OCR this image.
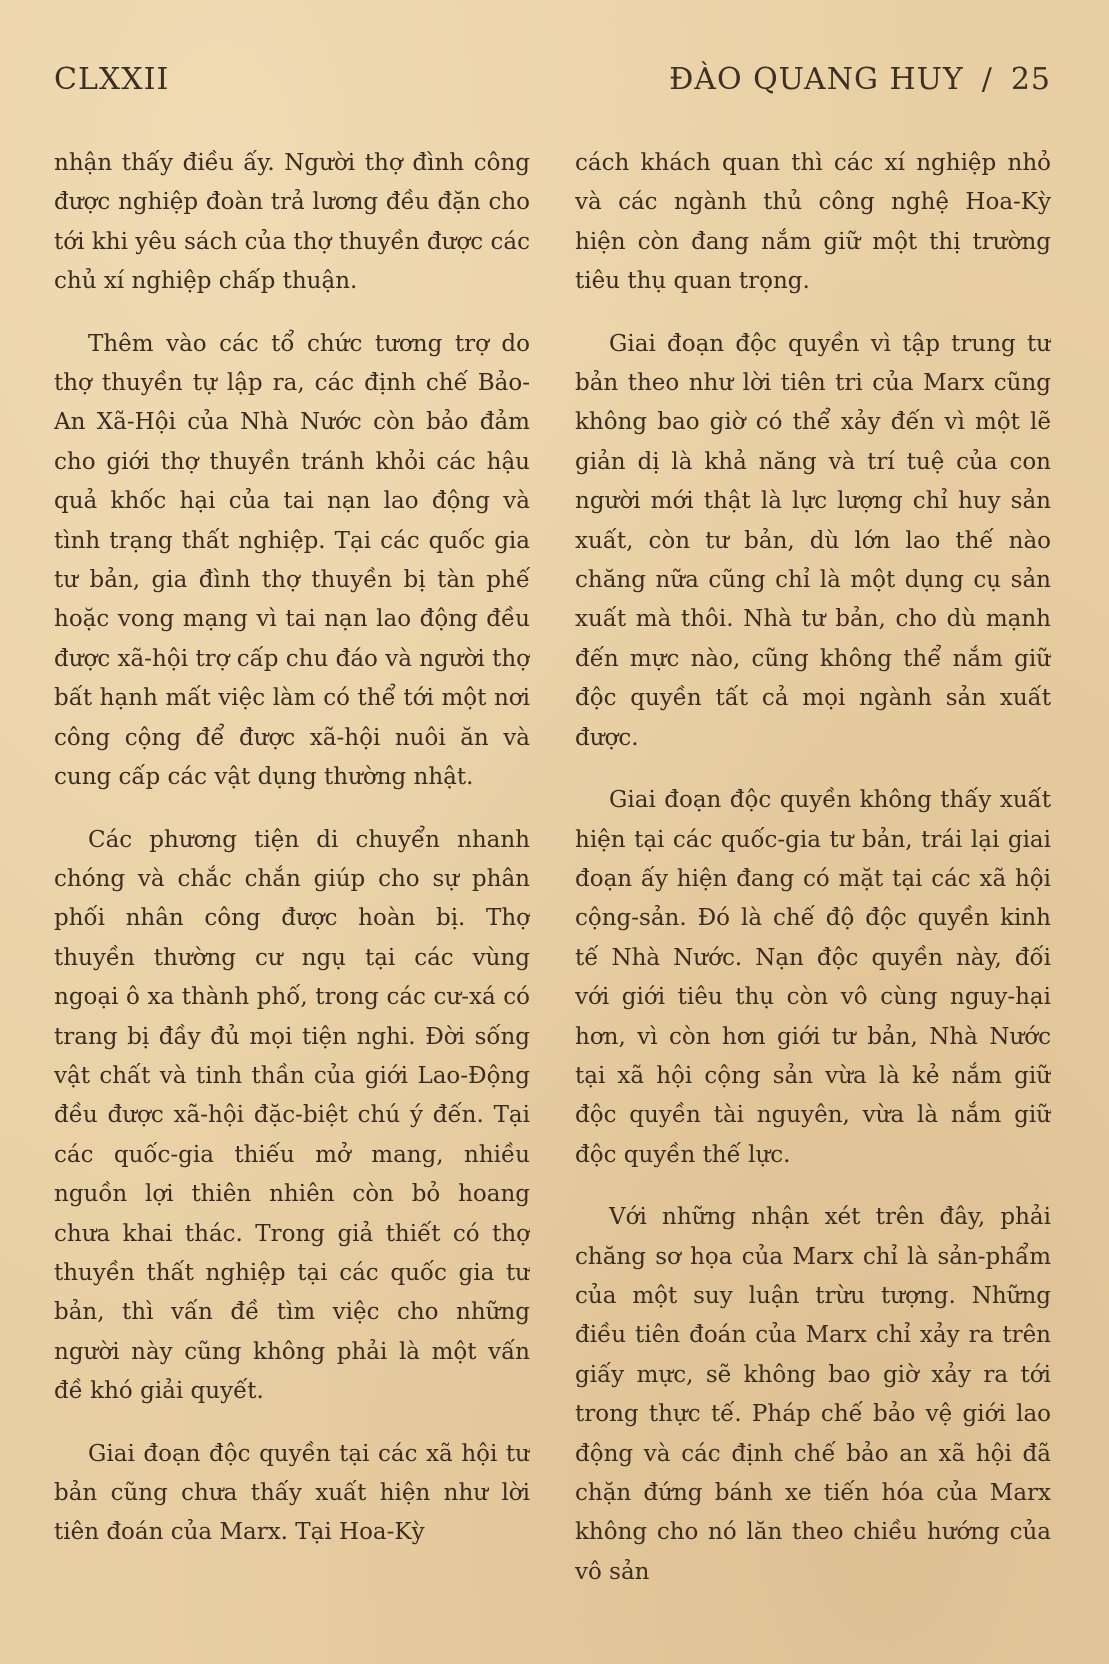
CLXXII	ĐÀO QUANG HUY / 25

nhận thấy điều ấy. Người thợ đình công được nghiệp đoàn trả lương đều đặn cho tới khi yêu sách của thợ thuyền được các chủ xí nghiệp chấp thuận.

Thêm vào các tổ chức tương trợ do thợ thuyền tự lập ra, các định chế Bảo-An Xã-Hội của Nhà Nước còn bảo đảm cho giới thợ thuyền tránh khỏi các hậu quả khốc hại của tai nạn lao động và tình trạng thất nghiệp. Tại các quốc gia tư bản, gia đình thợ thuyền bị tàn phế hoặc vong mạng vì tai nạn lao động đều được xã-hội trợ cấp chu đáo và người thợ bất hạnh mất việc làm có thể tới một nơi công cộng để được xã-hội nuôi ăn và cung cấp các vật dụng thường nhật.

Các phương tiện di chuyển nhanh chóng và chắc chắn giúp cho sự phân phối nhân công được hoàn bị. Thợ thuyền thường cư ngụ tại các vùng ngoại ô xa thành phố, trong các cư-xá có trang bị đầy đủ mọi tiện nghi. Đời sống vật chất và tinh thần của giới Lao-Động đều được xã-hội đặc-biệt chú ý đến. Tại các quốc-gia thiếu mở mang, nhiều nguồn lợi thiên nhiên còn bỏ hoang chưa khai thác. Trong giả thiết có thợ thuyền thất nghiệp tại các quốc gia tư bản, thì vấn đề tìm việc cho những người này cũng không phải là một vấn đề khó giải quyết.

Giai đoạn độc quyền tại các xã hội tư bản cũng chưa thấy xuất hiện như lời tiên đoán của Marx. Tại Hoa-Kỳ

cách khách quan thì các xí nghiệp nhỏ và các ngành thủ công nghệ Hoa-Kỳ hiện còn đang nắm giữ một thị trường tiêu thụ quan trọng.

Giai đoạn độc quyền vì tập trung tư bản theo như lời tiên tri của Marx cũng không bao giờ có thể xảy đến vì một lẽ giản dị là khả năng và trí tuệ của con người mới thật là lực lượng chỉ huy sản xuất, còn tư bản, dù lớn lao thế nào chăng nữa cũng chỉ là một dụng cụ sản xuất mà thôi. Nhà tư bản, cho dù mạnh đến mực nào, cũng không thể nắm giữ độc quyền tất cả mọi ngành sản xuất được.

Giai đoạn độc quyền không thấy xuất hiện tại các quốc-gia tư bản, trái lại giai đoạn ấy hiện đang có mặt tại các xã hội cộng-sản. Đó là chế độ độc quyền kinh tế Nhà Nước. Nạn độc quyền này, đối với giới tiêu thụ còn vô cùng nguy-hại hơn, vì còn hơn giới tư bản, Nhà Nước tại xã hội cộng sản vừa là kẻ nắm giữ độc quyền tài nguyên, vừa là nắm giữ độc quyền thế lực.

Với những nhận xét trên đây, phải chăng sơ họa của Marx chỉ là sản-phẩm của một suy luận trừu tượng. Những điều tiên đoán của Marx chỉ xảy ra trên giấy mực, sẽ không bao giờ xảy ra tới trong thực tế. Pháp chế bảo vệ giới lao động và các định chế bảo an xã hội đã chặn đứng bánh xe tiến hóa của Marx không cho nó lăn theo chiều hướng của vô sản
